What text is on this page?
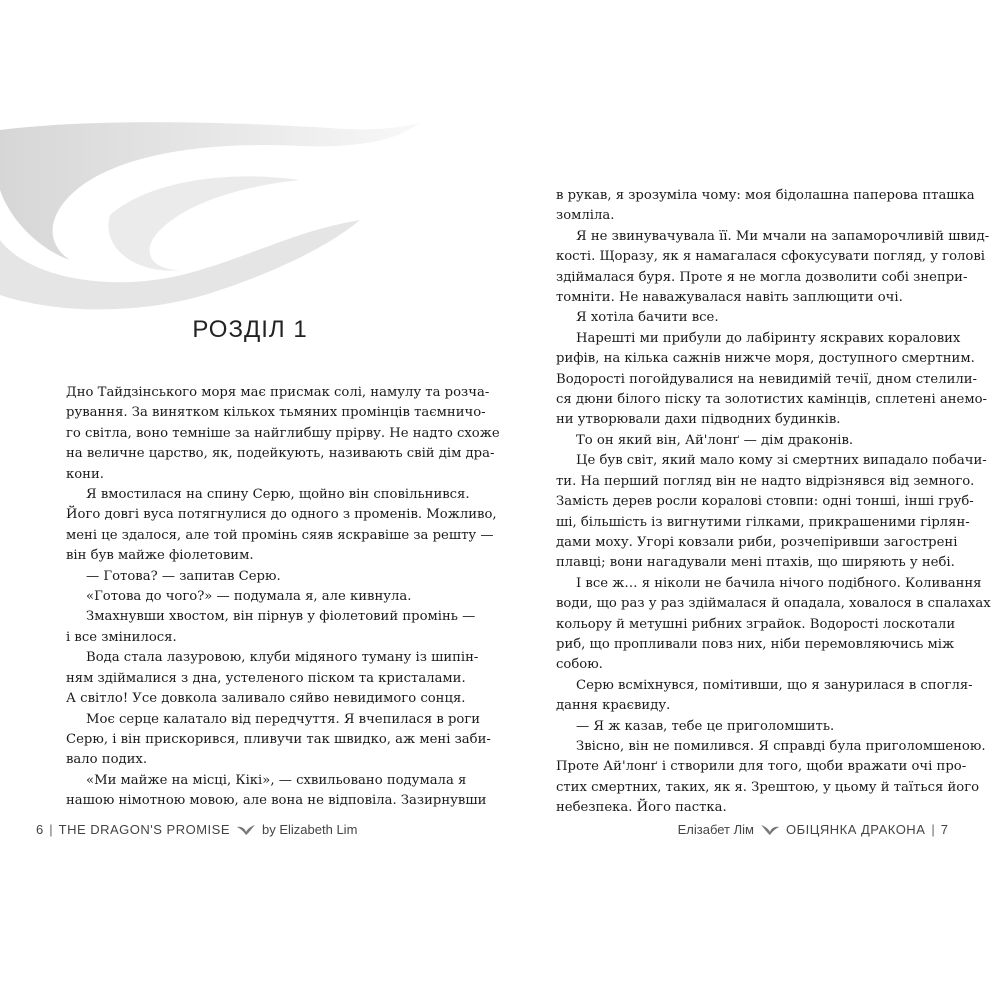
РОЗДІЛ 1
Дно Тайдзінського моря має присмак солі, намулу та розча-
рування. За винятком кількох тьмяних промінців таємничо-
го світла, воно темніше за найглибшу прірву. Не надто схоже
на величне царство, як, подейкують, називають свій дім дра-
кони.
Я вмостилася на спину Серю, щойно він сповільнився.
Його довгі вуса потягнулися до одного з променів. Можливо,
мені це здалося, але той промінь сяяв яскравіше за решту —
він був майже фіолетовим.
— Готова? — запитав Серю.
«Готова до чого?» — подумала я, але кивнула.
Змахнувши хвостом, він пірнув у фіолетовий промінь —
і все змінилося.
Вода стала лазуровою, клуби мідяного туману із шипін-
ням здіймалися з дна, устеленого піском та кристалами.
А світло! Усе довкола заливало сяйво невидимого сонця.
Моє серце калатало від передчуття. Я вчепилася в роги
Серю, і він прискорився, пливучи так швидко, аж мені заби-
вало подих.
«Ми майже на місці, Кікі», — схвильовано подумала я
нашою німотною мовою, але вона не відповіла. Зазирнувши
6 | THE DRAGON'S PROMISE by Elizabeth Lim	Елізабет Лім ОБІЦЯНКА ДРАКОНА | 7
в рукав, я зрозуміла чому: моя бідолашна паперова пташка
зомліла.
Я не звинувачувала її. Ми мчали на запаморочливій швид-
кості. Щоразу, як я намагалася сфокусувати погляд, у голові
здіймалася буря. Проте я не могла дозволити собі знепри-
томніти. Не наважувалася навіть заплющити очі.
Я хотіла бачити все.
Нарешті ми прибули до лабіринту яскравих коралових
рифів, на кілька сажнів нижче моря, доступного смертним.
Водорості погойдувалися на невидимій течії, дном стелили-
ся дюни білого піску та золотистих камінців, сплетені анемо-
ни утворювали дахи підводних будинків.
То он який він, Ай'лонґ — дім драконів.
Це був світ, який мало кому зі смертних випадало побачи-
ти. На перший погляд він не надто відрізнявся від земного.
Замість дерев росли коралові стовпи: одні тонші, інші груб-
ші, більшість із вигнутими гілками, прикрашеними гірлян-
дами моху. Угорі ковзали риби, розчепіривши загострені
плавці; вони нагадували мені птахів, що ширяють у небі.
І все ж… я ніколи не бачила нічого подібного. Коливання
води, що раз у раз здіймалася й опадала, ховалося в спалахах
кольору й метушні рибних зграйок. Водорості лоскотали
риб, що пропливали повз них, ніби перемовляючись між
собою.
Серю всміхнувся, помітивши, що я занурилася в спогля-
дання краєвиду.
— Я ж казав, тебе це приголомшить.
Звісно, він не помилився. Я справді була приголомшеною.
Проте Ай'лонґ і створили для того, щоби вражати очі про-
стих смертних, таких, як я. Зрештою, у цьому й таїться його
небезпека. Його пастка.
